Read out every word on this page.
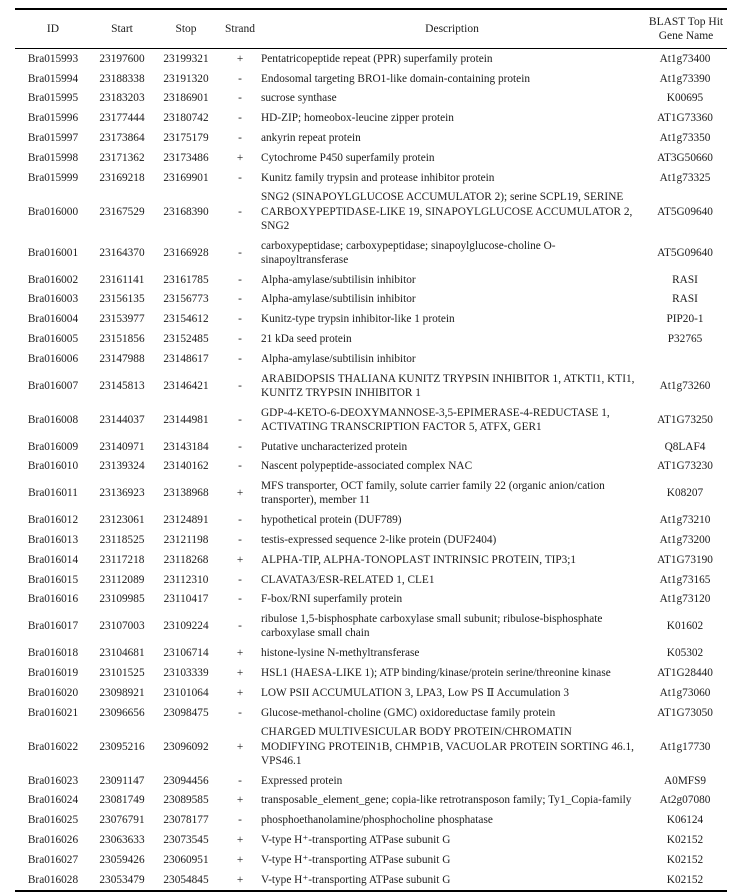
ID	Start	Stop	Strand	Description	BLAST Top Hit Gene Name
Bra015993	23197600	23199321	+	Pentatricopeptide repeat (PPR) superfamily protein	At1g73400
Bra015994	23188338	23191320	-	Endosomal targeting BRO1-like domain-containing protein	At1g73390
Bra015995	23183203	23186901	-	sucrose synthase	K00695
Bra015996	23177444	23180742	-	HD-ZIP; homeobox-leucine zipper protein	AT1G73360
Bra015997	23173864	23175179	-	ankyrin repeat protein	At1g73350
Bra015998	23171362	23173486	+	Cytochrome P450 superfamily protein	AT3G50660
Bra015999	23169218	23169901	-	Kunitz family trypsin and protease inhibitor protein	At1g73325
Bra016000	23167529	23168390	-	SNG2 (SINAPOYLGLUCOSE ACCUMULATOR 2); serine SCPL19, SERINE CARBOXYPEPTIDASE-LIKE 19, SINAPOYLGLUCOSE ACCUMULATOR 2, SNG2	AT5G09640
Bra016001	23164370	23166928	-	carboxypeptidase; carboxypeptidase; sinapoylglucose-choline O-sinapoyltransferase	AT5G09640
Bra016002	23161141	23161785	-	Alpha-amylase/subtilisin inhibitor	RASI
Bra016003	23156135	23156773	-	Alpha-amylase/subtilisin inhibitor	RASI
Bra016004	23153977	23154612	-	Kunitz-type trypsin inhibitor-like 1 protein	PIP20-1
Bra016005	23151856	23152485	-	21 kDa seed protein	P32765
Bra016006	23147988	23148617	-	Alpha-amylase/subtilisin inhibitor	
Bra016007	23145813	23146421	-	ARABIDOPSIS THALIANA KUNITZ TRYPSIN INHIBITOR 1, ATKTI1, KTI1, KUNITZ TRYPSIN INHIBITOR 1	At1g73260
Bra016008	23144037	23144981	-	GDP-4-KETO-6-DEOXYMANNOSE-3,5-EPIMERASE-4-REDUCTASE 1, ACTIVATING TRANSCRIPTION FACTOR 5, ATFX, GER1	AT1G73250
Bra016009	23140971	23143184	-	Putative uncharacterized protein	Q8LAF4
Bra016010	23139324	23140162	-	Nascent polypeptide-associated complex NAC	AT1G73230
Bra016011	23136923	23138968	+	MFS transporter, OCT family, solute carrier family 22 (organic anion/cation transporter), member 11	K08207
Bra016012	23123061	23124891	-	hypothetical protein (DUF789)	At1g73210
Bra016013	23118525	23121198	-	testis-expressed sequence 2-like protein (DUF2404)	At1g73200
Bra016014	23117218	23118268	+	ALPHA-TIP, ALPHA-TONOPLAST INTRINSIC PROTEIN, TIP3;1	AT1G73190
Bra016015	23112089	23112310	-	CLAVATA3/ESR-RELATED 1, CLE1	At1g73165
Bra016016	23109985	23110417	-	F-box/RNI superfamily protein	At1g73120
Bra016017	23107003	23109224	-	ribulose 1,5-bisphosphate carboxylase small subunit; ribulose-bisphosphate carboxylase small chain	K01602
Bra016018	23104681	23106714	+	histone-lysine N-methyltransferase	K05302
Bra016019	23101525	23103339	+	HSL1 (HAESA-LIKE 1); ATP binding/kinase/protein serine/threonine kinase	AT1G28440
Bra016020	23098921	23101064	+	LOW PSII ACCUMULATION 3, LPA3, Low PS Ⅱ Accumulation 3	At1g73060
Bra016021	23096656	23098475	-	Glucose-methanol-choline (GMC) oxidoreductase family protein	AT1G73050
Bra016022	23095216	23096092	+	CHARGED MULTIVESICULAR BODY PROTEIN/CHROMATIN MODIFYING PROTEIN1B, CHMP1B, VACUOLAR PROTEIN SORTING 46.1, VPS46.1	At1g17730
Bra016023	23091147	23094456	-	Expressed protein	A0MFS9
Bra016024	23081749	23089585	+	transposable_element_gene; copia-like retrotransposon family; Ty1_Copia-family	At2g07080
Bra016025	23076791	23078177	-	phosphoethanolamine/phosphocholine phosphatase	K06124
Bra016026	23063633	23073545	+	V-type H⁺-transporting ATPase subunit G	K02152
Bra016027	23059426	23060951	+	V-type H⁺-transporting ATPase subunit G	K02152
Bra016028	23053479	23054845	+	V-type H⁺-transporting ATPase subunit G	K02152
